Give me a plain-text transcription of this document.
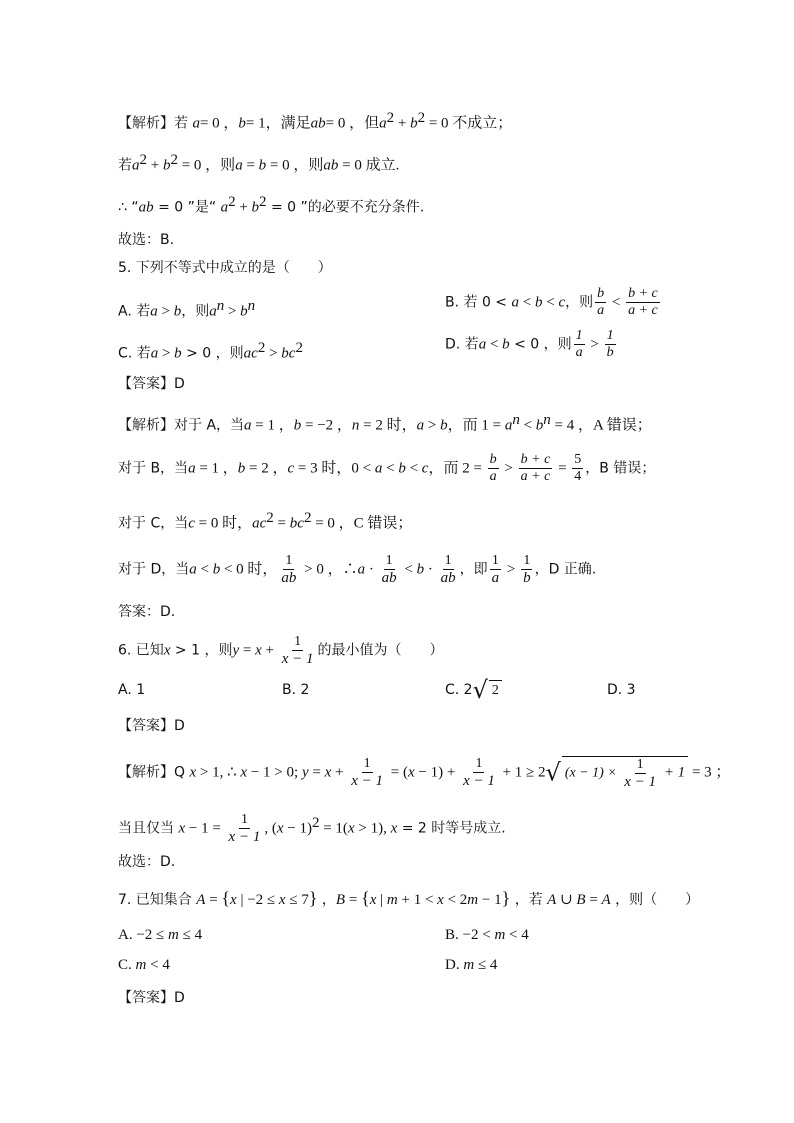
【解析】若 a= 0 ，b= 1，满足ab= 0 ，但$a^2 + b^2 = 0$ 不成立；
若$a^2 + b^2 = 0$ ，则a = b = 0 ，则ab = 0 成立.
∴ “ab = 0 ”是“ $a^2 + b^2 = 0$ ”的必要不充分条件.
故选：B.
5. 下列不等式中成立的是（　　）
A. 若a > b，则$a^n > b^n$	B. 若 0 < a < b < c，则 $\frac{b}{a} < \frac{b + c}{a + c}$
C. 若a > b > 0 ，则$ac^2 > bc^2$	D. 若a < b < 0 ，则 $\frac{1}{a} > \frac{1}{b}$
【答案】D
【解析】对于 A，当a = 1 ，b = −2 ，n = 2 时，a > b，而 $1 = a^n < b^n = 4$ ，A 错误；
对于 B，当a = 1 ，b = 2 ，c = 3 时，0 < a < b < c，而 $2 = \frac{b}{a} > \frac{b + c}{a + c} = \frac{5}{4}$ ，B 错误；
对于 C，当c = 0 时，$ac^2 = bc^2 = 0$ ，C 错误；
对于 D，当a < b < 0 时， $\frac{1}{ab} > 0$ ，∴a · $\frac{1}{ab} < b \cdot \frac{1}{ab}$ ，即 $\frac{1}{a} > \frac{1}{b}$ ，D 正确.
答案：D.
6. 已知x > 1 ，则$y = x + \frac{1}{x - 1}$ 的最小值为（　　）
A. 1	B. 2	C. 2√ 2	D. 3
【答案】D
【解析】Q x > 1, ∴ x − 1 > 0; $y = x + \frac{1}{x - 1} = (x - 1) + \frac{1}{x - 1} + 1 \ge 2√$ $(x - 1) \times \frac{1}{x - 1} + 1 = 3$ ；
当且仅当 $x - 1 = \frac{1}{x - 1}$ , $(x - 1)^2 = 1(x > 1)$, x = 2 时等号成立.
故选：D.
7. 已知集合 A = {x | −2 ≤ x ≤ 7} ，B = {x | m + 1 < x < 2m − 1} ，若 A ∪ B = A ，则（　　）
A. −2 ≤ m ≤ 4	B. −2 < m < 4
C. m < 4	D. m ≤ 4
【答案】D
